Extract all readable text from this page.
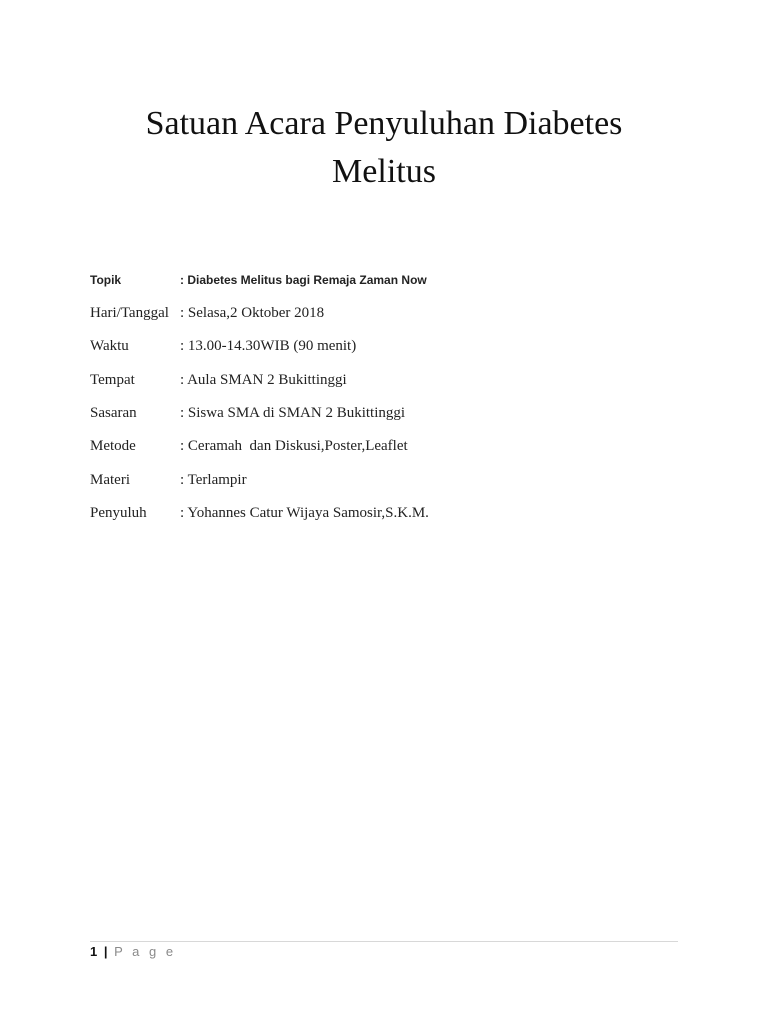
Satuan Acara Penyuluhan Diabetes
Melitus
Topik	: Diabetes Melitus bagi Remaja Zaman Now
Hari/Tanggal : Selasa,2 Oktober 2018
Waktu	: 13.00-14.30WIB (90 menit)
Tempat	: Aula SMAN 2 Bukittinggi
Sasaran	: Siswa SMA di SMAN 2 Bukittinggi
Metode	: Ceramah  dan Diskusi,Poster,Leaflet
Materi	: Terlampir
Penyuluh : Yohannes Catur Wijaya Samosir,S.K.M.
1 | P a g e
